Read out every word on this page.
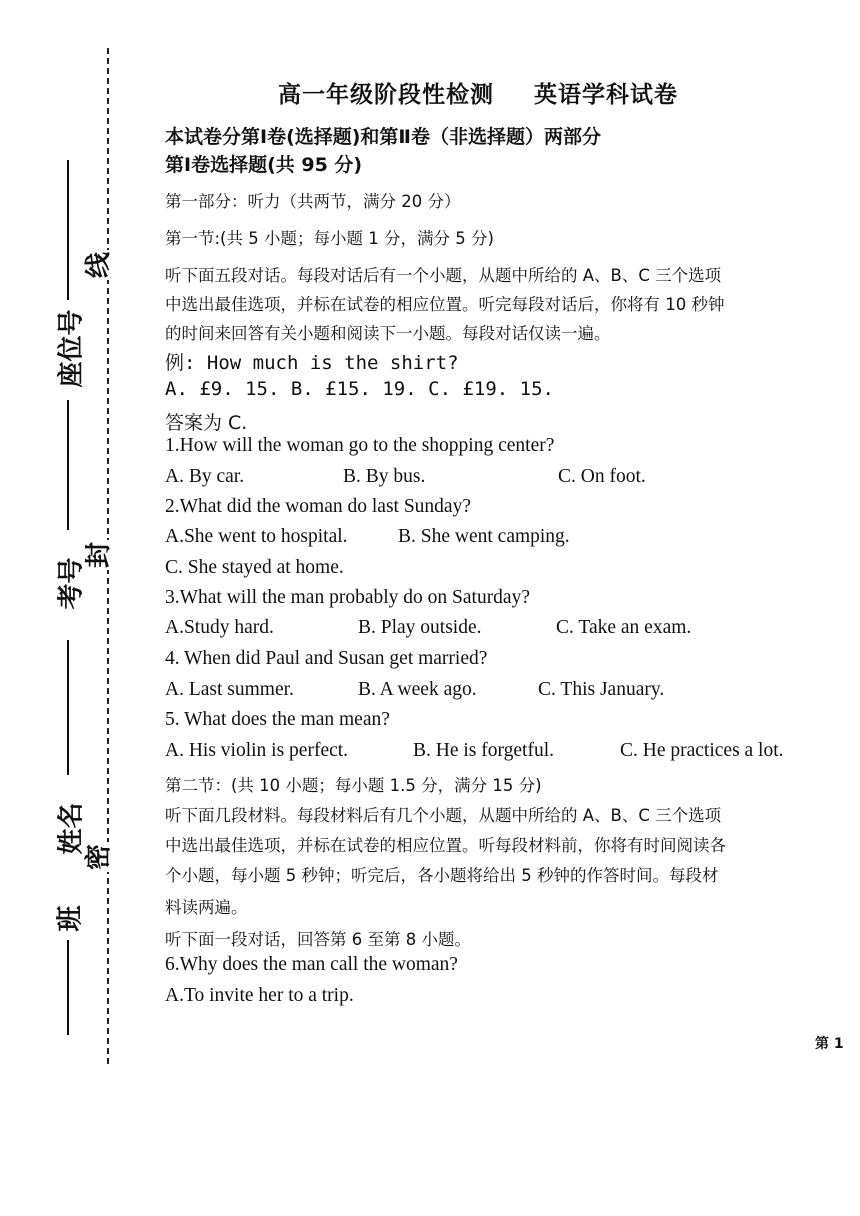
线
封
密
座位号
考号
姓名
班
高一年级阶段性检测 英语学科试卷
本试卷分第Ⅰ卷(选择题)和第Ⅱ卷（非选择题）两部分
第Ⅰ卷选择题(共 95 分)
第一部分：听力（共两节，满分 20 分）
第一节:(共 5 小题；每小题 1 分，满分 5 分)
听下面五段对话。每段对话后有一个小题，从题中所给的 A、B、C 三个选项
中选出最佳选项，并标在试卷的相应位置。听完每段对话后，你将有 10 秒钟
的时间来回答有关小题和阅读下一小题。每段对话仅读一遍。
例: How much is the shirt?
A. £9. 15. B. £15. 19. C. £19. 15.
答案为 C.
1.How will the woman go to the shopping center?
A. By car.	B. By bus.	C. On foot.
2.What did the woman do last Sunday?
A.She went to hospital.	B. She went camping.
C. She stayed at home.
3.What will the man probably do on Saturday?
A.Study hard.	B. Play outside.	C. Take an exam.
4. When did Paul and Susan get married?
A. Last summer.	B. A week ago.	C. This January.
5. What does the man mean?
A. His violin is perfect.	B. He is forgetful.	C. He practices a lot.
第二节：(共 10 小题；每小题 1.5 分，满分 15 分)
听下面几段材料。每段材料后有几个小题，从题中所给的 A、B、C 三个选项
中选出最佳选项，并标在试卷的相应位置。听每段材料前，你将有时间阅读各
个小题，每小题 5 秒钟；听完后，各小题将给出 5 秒钟的作答时间。每段材
料读两遍。
听下面一段对话，回答第 6 至第 8 小题。
6.Why does the man call the woman?
A.To invite her to a trip.
第 1
